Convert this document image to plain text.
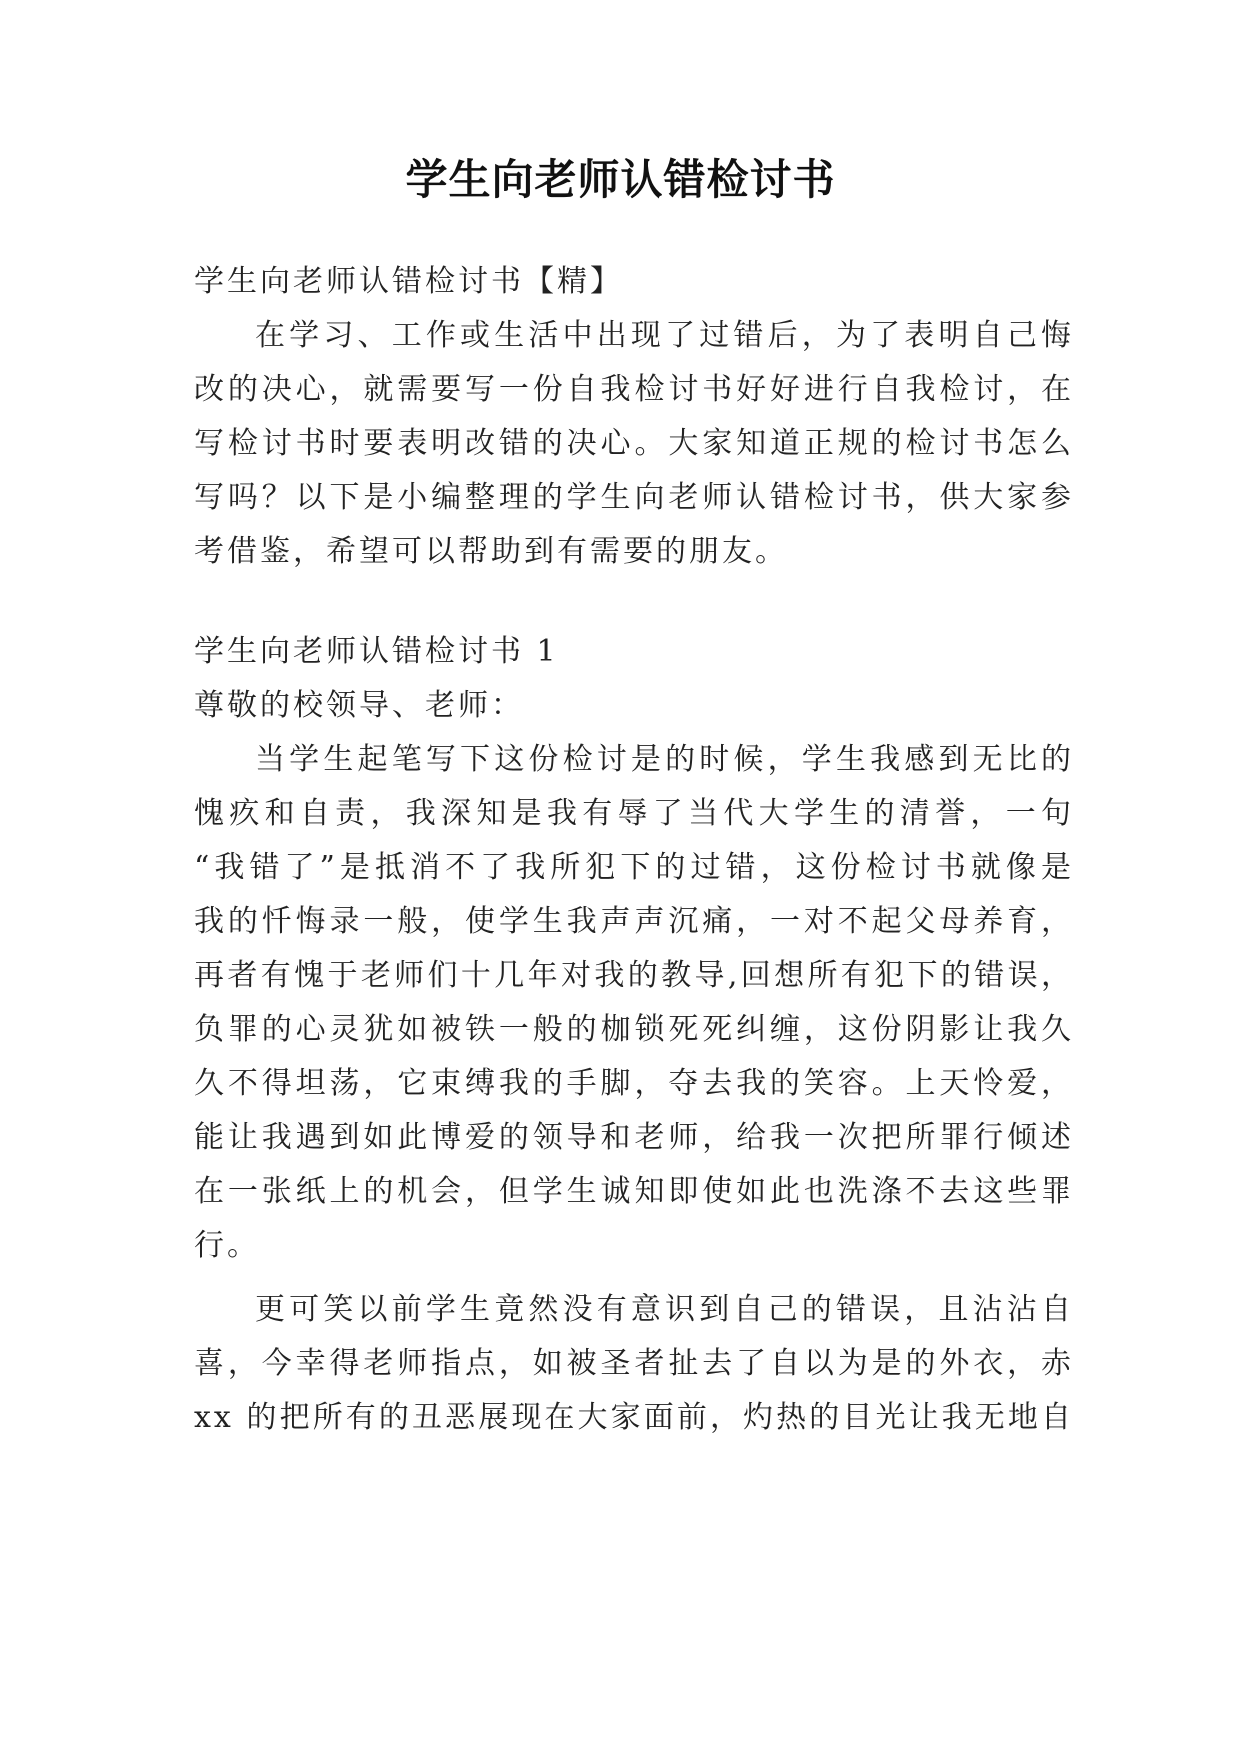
学生向老师认错检讨书
学生向老师认错检讨书【精】
在学习、工作或生活中出现了过错后，为了表明自己悔
改的决心，就需要写一份自我检讨书好好进行自我检讨，在
写检讨书时要表明改错的决心。大家知道正规的检讨书怎么
写吗？以下是小编整理的学生向老师认错检讨书，供大家参
考借鉴，希望可以帮助到有需要的朋友。
学生向老师认错检讨书 1
尊敬的校领导、老师：
当学生起笔写下这份检讨是的时候，学生我感到无比的
愧疚和自责，我深知是我有辱了当代大学生的清誉，一句
“我错了”是抵消不了我所犯下的过错，这份检讨书就像是
我的忏悔录一般，使学生我声声沉痛，一对不起父母养育，
再者有愧于老师们十几年对我的教导,回想所有犯下的错误，
负罪的心灵犹如被铁一般的枷锁死死纠缠，这份阴影让我久
久不得坦荡，它束缚我的手脚，夺去我的笑容。上天怜爱，
能让我遇到如此博爱的领导和老师，给我一次把所罪行倾述
在一张纸上的机会，但学生诚知即使如此也洗涤不去这些罪
行。
更可笑以前学生竟然没有意识到自己的错误，且沾沾自
喜，今幸得老师指点，如被圣者扯去了自以为是的外衣，赤
xx 的把所有的丑恶展现在大家面前，灼热的目光让我无地自
